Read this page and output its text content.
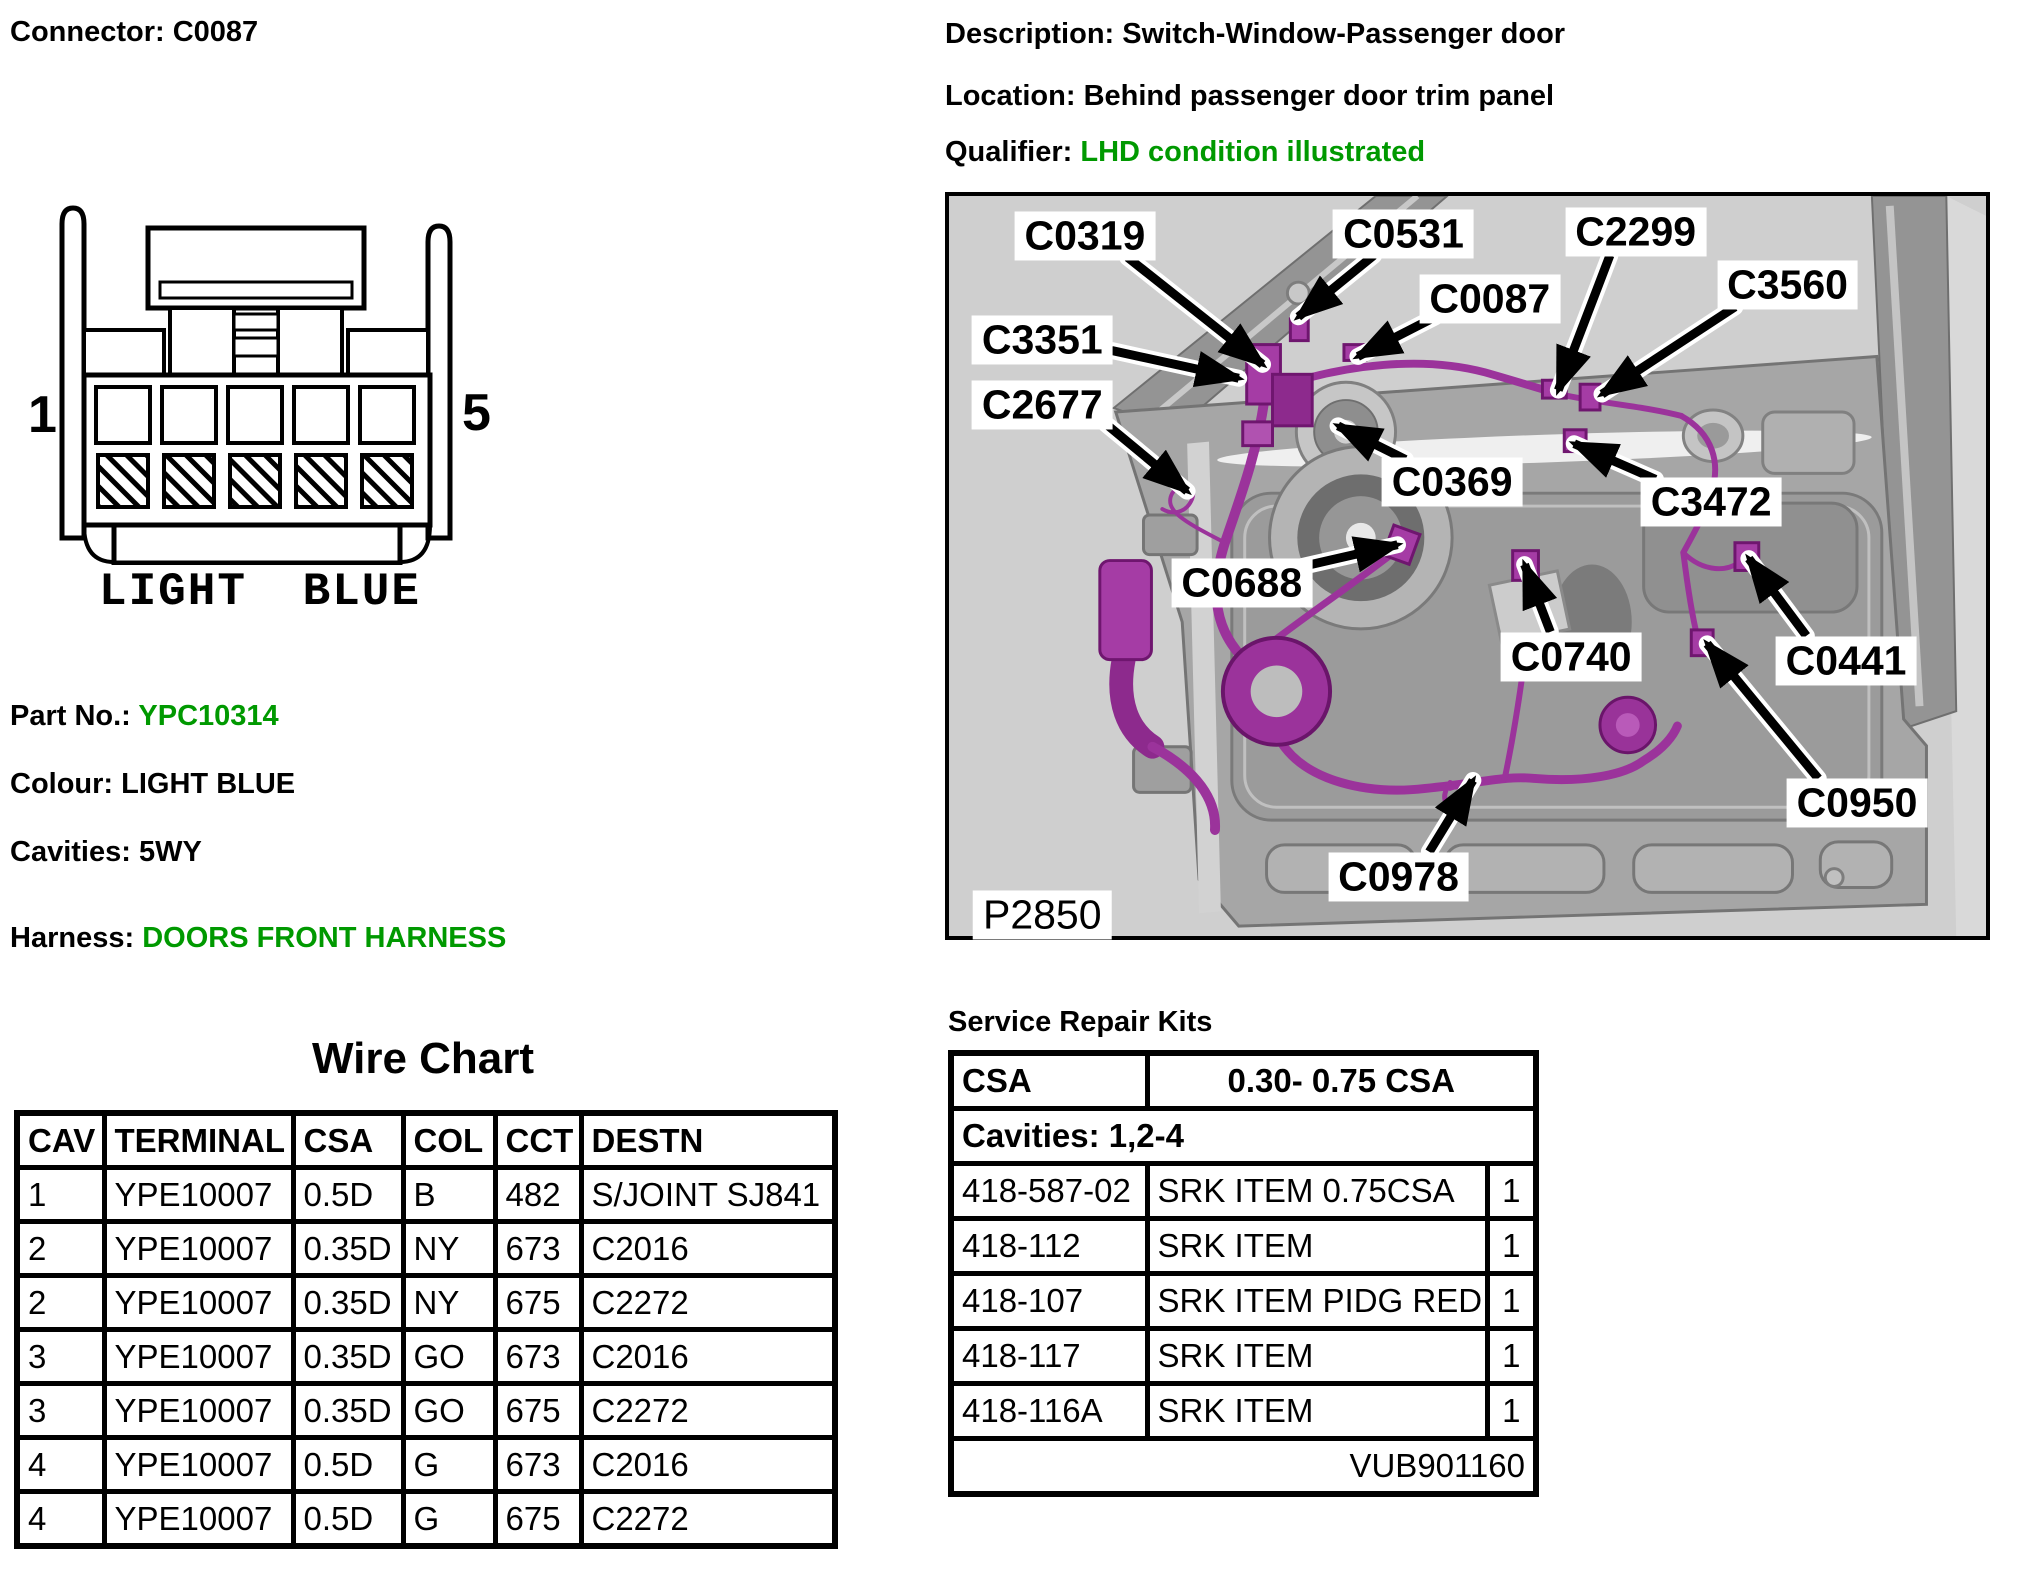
Connector: C0087
1	5
LIGHT BLUE
Part No.: YPC10314
Colour: LIGHT BLUE
Cavities: 5WY
Harness: DOORS FRONT HARNESS
Description: Switch-Window-Passenger door
Location: Behind passenger door trim panel
Qualifier: LHD condition illustrated
C0319	C0531	C2299
C3560
C0087
C3351
C2677
C0369	C3472
C0688
C0740	C0441
C0950
C0978
P2850
Wire Chart
CAV	TERMINAL	CSA	COL	CCT	DESTN
1	YPE10007	0.5D	B	482	S/JOINT SJ841
2	YPE10007	0.35D	NY	673	C2016
2	YPE10007	0.35D	NY	675	C2272
3	YPE10007	0.35D	GO	673	C2016
3	YPE10007	0.35D	GO	675	C2272
4	YPE10007	0.5D	G	673	C2016
4	YPE10007	0.5D	G	675	C2272
Service Repair Kits
CSA	0.30- 0.75 CSA	
Cavities: 1,2-4		
418-587-02	SRK ITEM 0.75CSA	1
418-112	SRK ITEM	1
418-107	SRK ITEM PIDG RED	1
418-117	SRK ITEM	1
418-116A	SRK ITEM	1
VUB901160		
